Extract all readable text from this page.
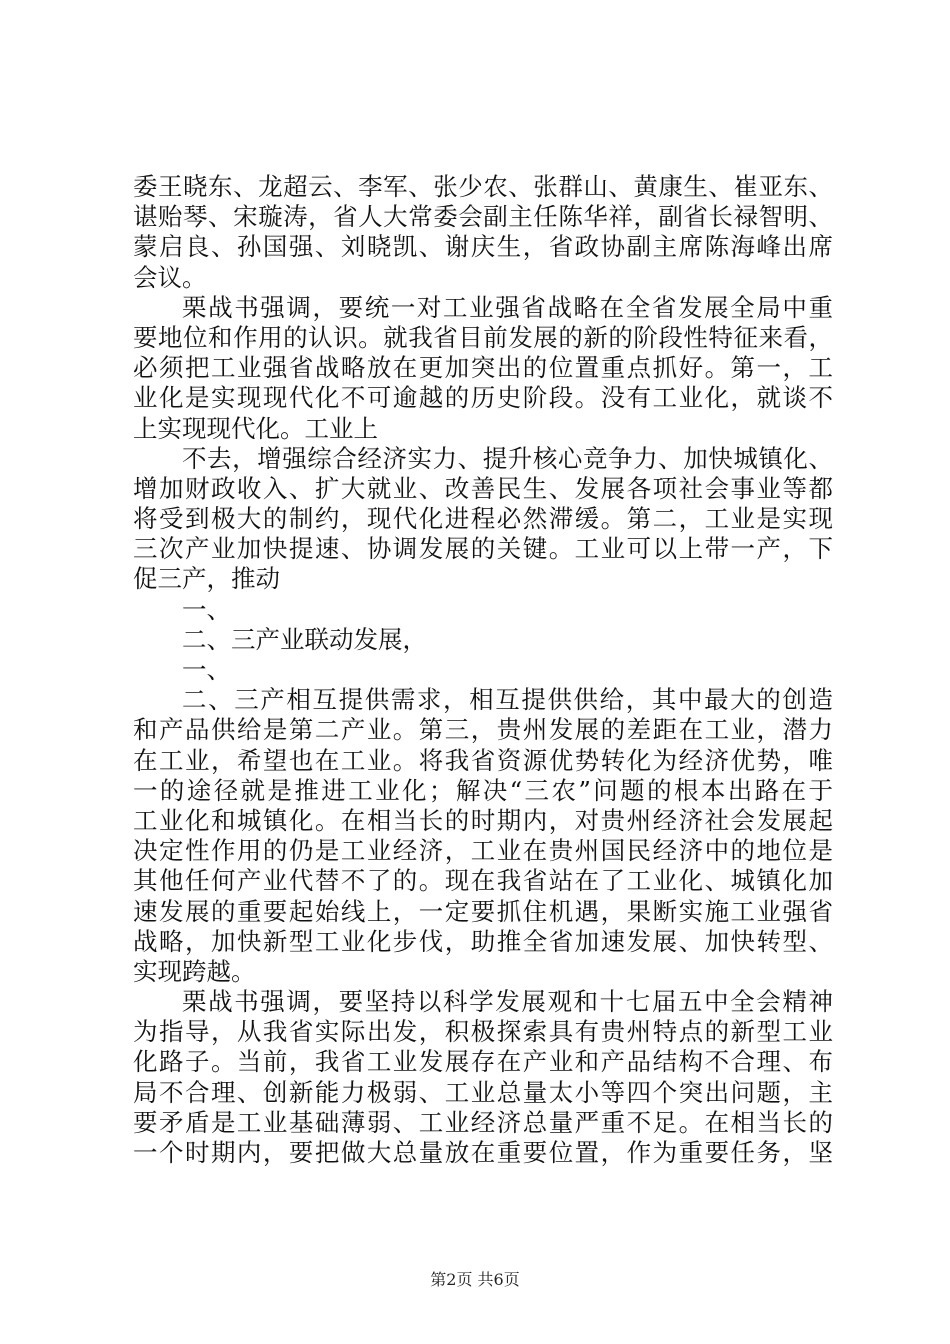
委王晓东、龙超云、李军、张少农、张群山、黄康生、崔亚东、
谌贻琴、宋璇涛，省人大常委会副主任陈华祥，副省长禄智明、
蒙启良、孙国强、刘晓凯、谢庆生，省政协副主席陈海峰出席
会议。
栗战书强调，要统一对工业强省战略在全省发展全局中重
要地位和作用的认识。就我省目前发展的新的阶段性特征来看，
必须把工业强省战略放在更加突出的位置重点抓好。第一，工
业化是实现现代化不可逾越的历史阶段。没有工业化，就谈不
上实现现代化。工业上
不去，增强综合经济实力、提升核心竞争力、加快城镇化、
增加财政收入、扩大就业、改善民生、发展各项社会事业等都
将受到极大的制约，现代化进程必然滞缓。第二，工业是实现
三次产业加快提速、协调发展的关键。工业可以上带一产，下
促三产，推动
一、
二、三产业联动发展，
一、
二、三产相互提供需求，相互提供供给，其中最大的创造
和产品供给是第二产业。第三，贵州发展的差距在工业，潜力
在工业，希望也在工业。将我省资源优势转化为经济优势，唯
一的途径就是推进工业化；解决“三农”问题的根本出路在于
工业化和城镇化。在相当长的时期内，对贵州经济社会发展起
决定性作用的仍是工业经济，工业在贵州国民经济中的地位是
其他任何产业代替不了的。现在我省站在了工业化、城镇化加
速发展的重要起始线上，一定要抓住机遇，果断实施工业强省
战略，加快新型工业化步伐，助推全省加速发展、加快转型、
实现跨越。
栗战书强调，要坚持以科学发展观和十七届五中全会精神
为指导，从我省实际出发，积极探索具有贵州特点的新型工业
化路子。当前，我省工业发展存在产业和产品结构不合理、布
局不合理、创新能力极弱、工业总量太小等四个突出问题，主
要矛盾是工业基础薄弱、工业经济总量严重不足。在相当长的
一个时期内，要把做大总量放在重要位置，作为重要任务，坚
第2页 共6页
